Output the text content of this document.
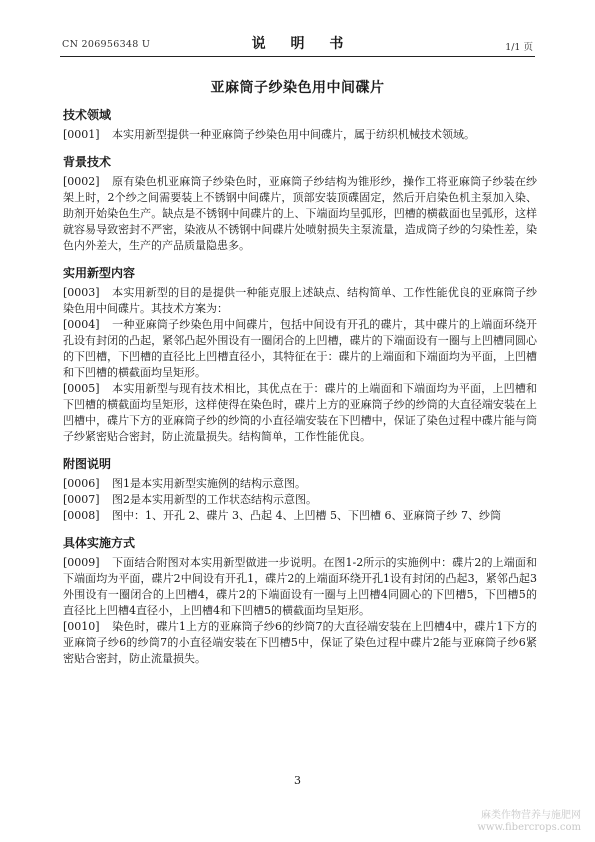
CN 206956348 U	说 明 书	1/1 页
亚麻筒子纱染色用中间碟片
技术领域

[0001] 本实用新型提供一种亚麻筒子纱染色用中间碟片，属于纺织机械技术领域。

背景技术

[0002] 原有染色机亚麻筒子纱染色时，亚麻筒子纱结构为锥形纱，操作工将亚麻筒子纱装在纱架上时，2个纱之间需要装上不锈钢中间碟片，顶部安装顶碟固定，然后开启染色机主泵加入染、助剂开始染色生产。缺点是不锈钢中间碟片的上、下端面均呈弧形，凹槽的横截面也呈弧形，这样就容易导致密封不严密，染液从不锈钢中间碟片处喷射损失主泵流量，造成筒子纱的匀染性差，染色内外差大，生产的产品质量隐患多。

实用新型内容

[0003] 本实用新型的目的是提供一种能克服上述缺点、结构简单、工作性能优良的亚麻筒子纱染色用中间碟片。其技术方案为：

[0004] 一种亚麻筒子纱染色用中间碟片，包括中间设有开孔的碟片，其中碟片的上端面环绕开孔设有封闭的凸起，紧邻凸起外围设有一圈闭合的上凹槽，碟片的下端面设有一圈与上凹槽同圆心的下凹槽，下凹槽的直径比上凹槽直径小，其特征在于：碟片的上端面和下端面均为平面，上凹槽和下凹槽的横截面均呈矩形。

[0005] 本实用新型与现有技术相比，其优点在于：碟片的上端面和下端面均为平面，上凹槽和下凹槽的横截面均呈矩形，这样使得在染色时，碟片上方的亚麻筒子纱的纱筒的大直径端安装在上凹槽中，碟片下方的亚麻筒子纱的纱筒的小直径端安装在下凹槽中，保证了染色过程中碟片能与筒子纱紧密贴合密封，防止流量损失。结构简单，工作性能优良。

附图说明

[0006] 图1是本实用新型实施例的结构示意图。

[0007] 图2是本实用新型的工作状态结构示意图。

[0008] 图中：1、开孔 2、碟片 3、凸起 4、上凹槽 5、下凹槽 6、亚麻筒子纱 7、纱筒

具体实施方式

[0009] 下面结合附图对本实用新型做进一步说明。在图1-2所示的实施例中：碟片2的上端面和下端面均为平面，碟片2中间设有开孔1，碟片2的上端面环绕开孔1设有封闭的凸起3，紧邻凸起3外围设有一圈闭合的上凹槽4，碟片2的下端面设有一圈与上凹槽4同圆心的下凹槽5，下凹槽5的直径比上凹槽4直径小，上凹槽4和下凹槽5的横截面均呈矩形。

[0010] 染色时，碟片1上方的亚麻筒子纱6的纱筒7的大直径端安装在上凹槽4中，碟片1下方的亚麻筒子纱6的纱筒7的小直径端安装在下凹槽5中，保证了染色过程中碟片2能与亚麻筒子纱6紧密贴合密封，防止流量损失。

3
麻类作物营养与施肥网
www.fibercrops.com
